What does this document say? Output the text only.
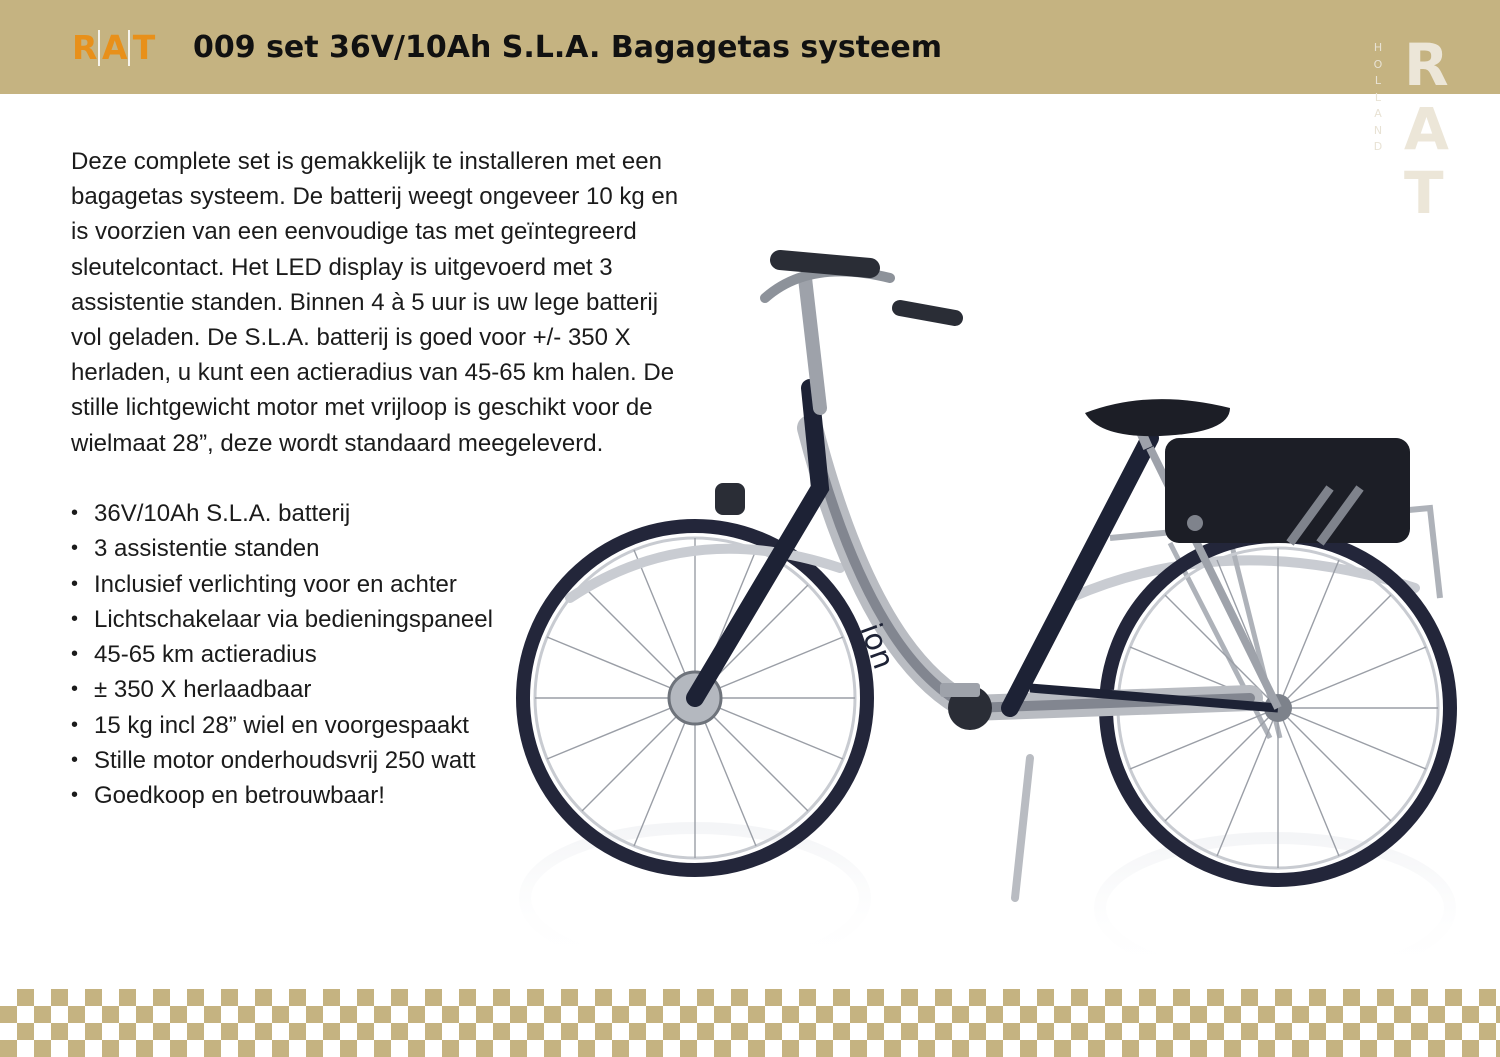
R A T 009 set 36V/10Ah S.L.A. Bagagetas systeem	HOLLAND
R
A
T

Deze complete set is gemakkelijk te installeren met een bagagetas systeem. De batterij weegt ongeveer 10 kg en is voorzien van een eenvoudige tas met geïntegreerd sleutelcontact. Het LED display is uitgevoerd met 3 assistentie standen. Binnen 4 à 5 uur is uw lege batterij vol geladen. De S.L.A. batterij is goed voor +/- 350 X herladen, u kunt een actieradius van 45-65 km halen. De stille lichtgewicht motor met vrijloop is geschikt voor de wielmaat 28”, deze wordt standaard meegeleverd.

• 36V/10Ah S.L.A. batterij
• 3 assistentie standen
• Inclusief verlichting voor en achter
• Lichtschakelaar via bedieningspaneel
• 45-65 km actieradius
• ± 350 X herlaadbaar
• 15 kg incl 28” wiel en voorgespaakt
• Stille motor onderhoudsvrij 250 watt
• Goedkoop en betrouwbaar!
ion
